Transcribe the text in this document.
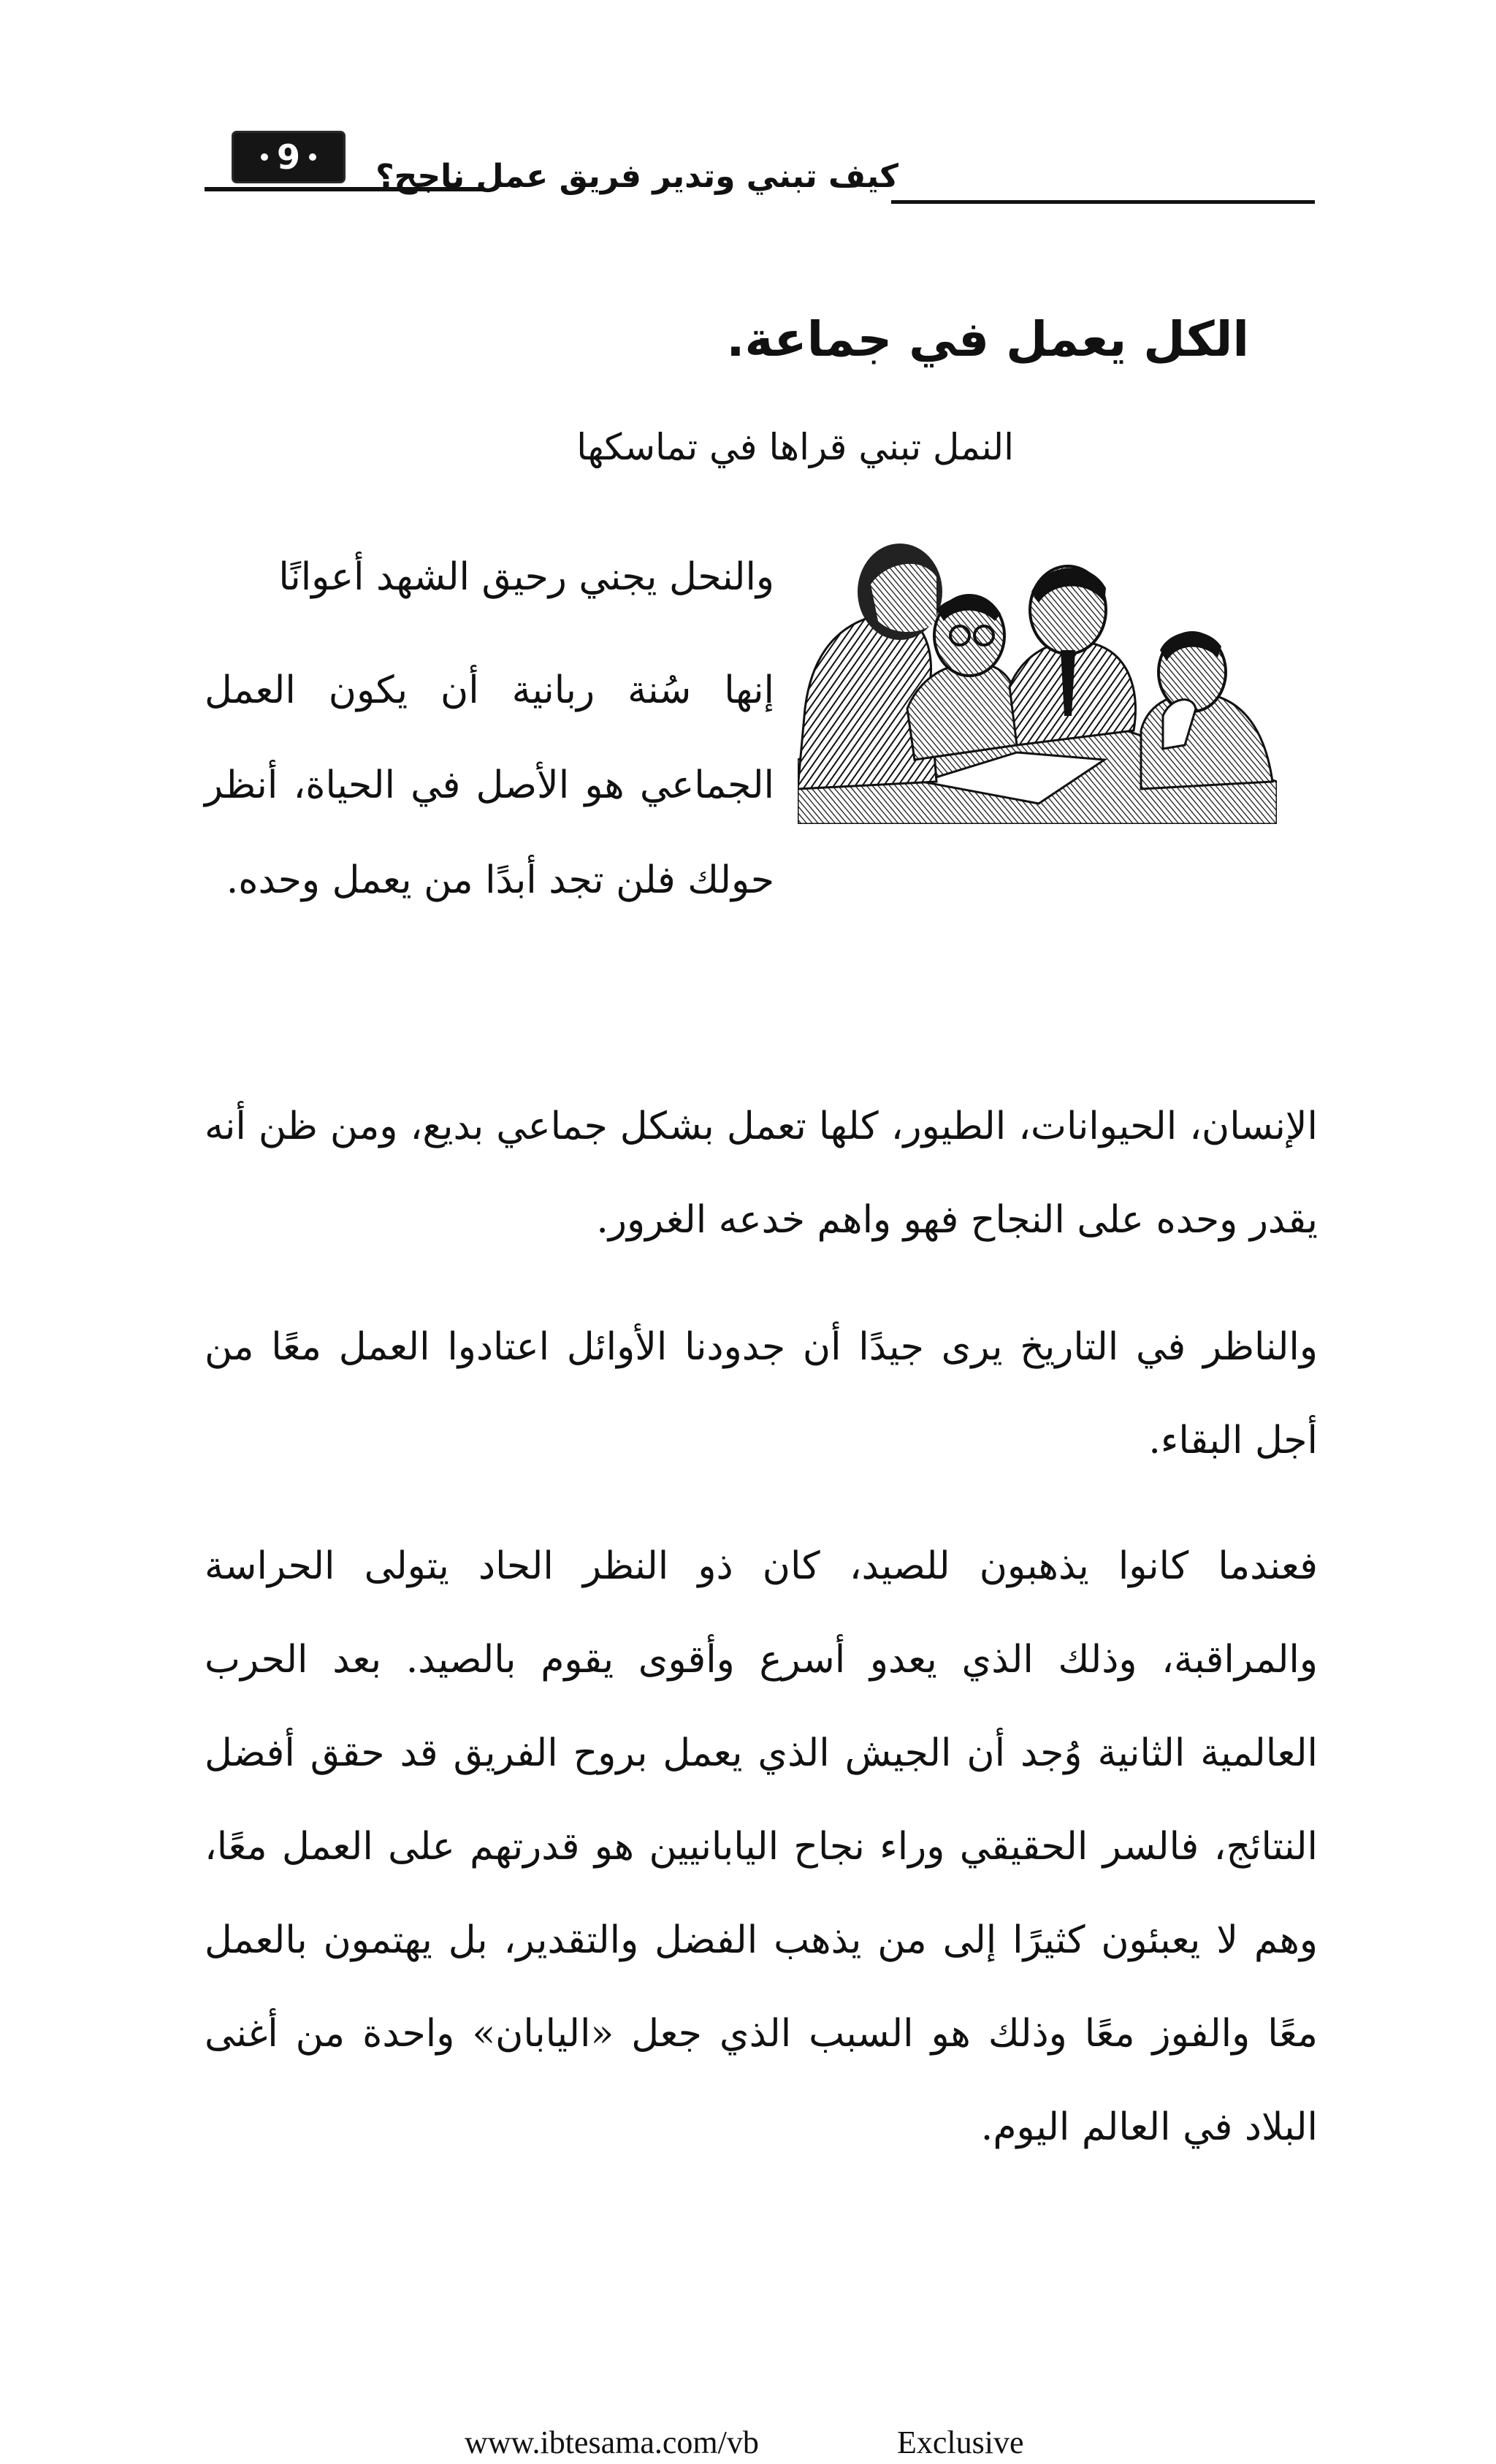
9 كيف تبني وتدير فريق عمل ناجح؟
الكل يعمل في جماعة.
النمل تبني قراها في تماسكها
والنحل يجني رحيق الشهد أعوانًا
إنها سُنة ربانية أن يكون العمل الجماعي هو الأصل في الحياة، أنظر حولك فلن تجد أبدًا من يعمل وحده.

الإنسان، الحيوانات، الطيور، كلها تعمل بشكل جماعي بديع، ومن ظن أنه يقدر وحده على النجاح فهو واهم خدعه الغرور.

والناظر في التاريخ يرى جيدًا أن جدودنا الأوائل اعتادوا العمل معًا من أجل البقاء.

فعندما كانوا يذهبون للصيد، كان ذو النظر الحاد يتولى الحراسة والمراقبة، وذلك الذي يعدو أسرع وأقوى يقوم بالصيد. بعد الحرب العالمية الثانية وُجد أن الجيش الذي يعمل بروح الفريق قد حقق أفضل النتائج، فالسر الحقيقي وراء نجاح اليابانيين هو قدرتهم على العمل معًا، وهم لا يعبئون كثيرًا إلى من يذهب الفضل والتقدير، بل يهتمون بالعمل معًا والفوز معًا وذلك هو السبب الذي جعل «اليابان» واحدة من أغنى البلاد في العالم اليوم.

www.ibtesama.com/vb	Exclusive
